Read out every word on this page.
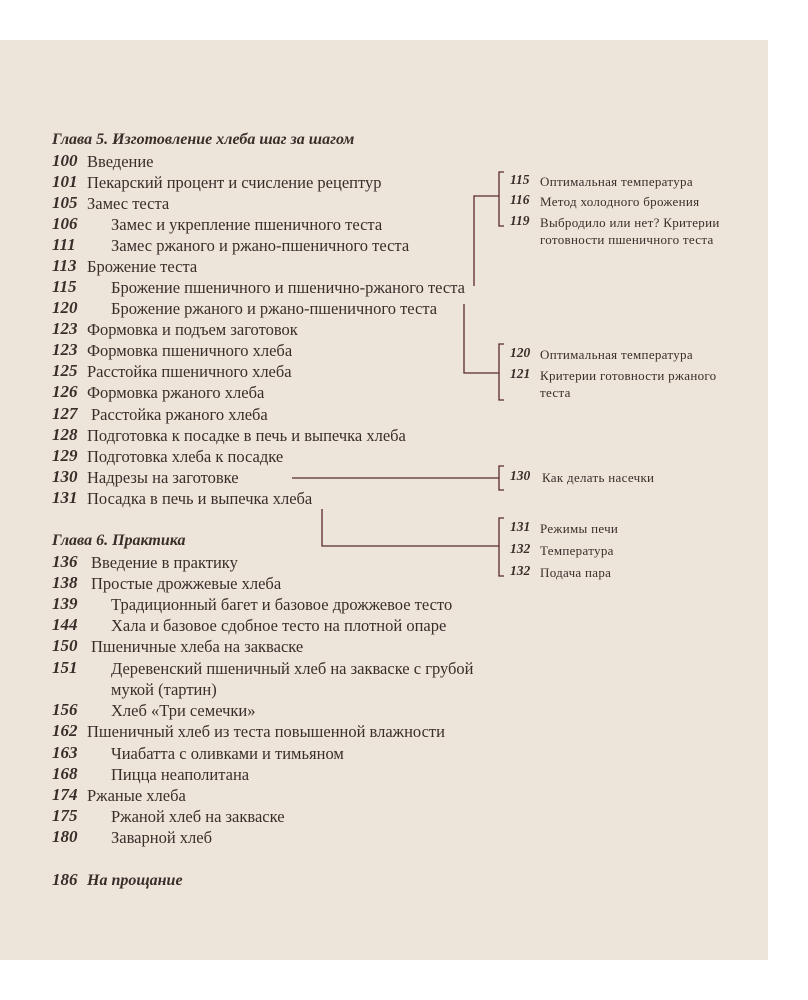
Глава 5. Изготовление хлеба шаг за шагом
100 Введение
101 Пекарский процент и счисление рецептур
105 Замес теста
106 Замес и укрепление пшеничного теста
111 Замес ржаного и ржано-пшеничного теста
113 Брожение теста
115 Брожение пшеничного и пшенично-ржаного теста
120 Брожение ржаного и ржано-пшеничного теста
123 Формовка и подъем заготовок
123 Формовка пшеничного хлеба
125 Расстойка пшеничного хлеба
126 Формовка ржаного хлеба
127 Расстойка ржаного хлеба
128 Подготовка к посадке в печь и выпечка хлеба
129 Подготовка хлеба к посадке
130 Надрезы на заготовке
131 Посадка в печь и выпечка хлеба
Глава 6. Практика
136 Введение в практику
138 Простые дрожжевые хлеба
139 Традиционный багет и базовое дрожжевое тесто
144 Хала и базовое сдобное тесто на плотной опаре
150 Пшеничные хлеба на закваске
151 Деревенский пшеничный хлеб на закваске с грубой
мукой (тартин)
156 Хлеб «Три семечки»
162 Пшеничный хлеб из теста повышенной влажности
163 Чиабатта с оливками и тимьяном
168 Пицца неаполитана
174 Ржаные хлеба
175 Ржаной хлеб на закваске
180 Заварной хлеб
186 На прощание
115 Оптимальная температура
116 Метод холодного брожения
119 Выбродило или нет? Критерии
готовности пшеничного теста
120 Оптимальная температура
121 Критерии готовности ржаного
теста
130 Как делать насечки
131 Режимы печи
132 Температура
132 Подача пара
